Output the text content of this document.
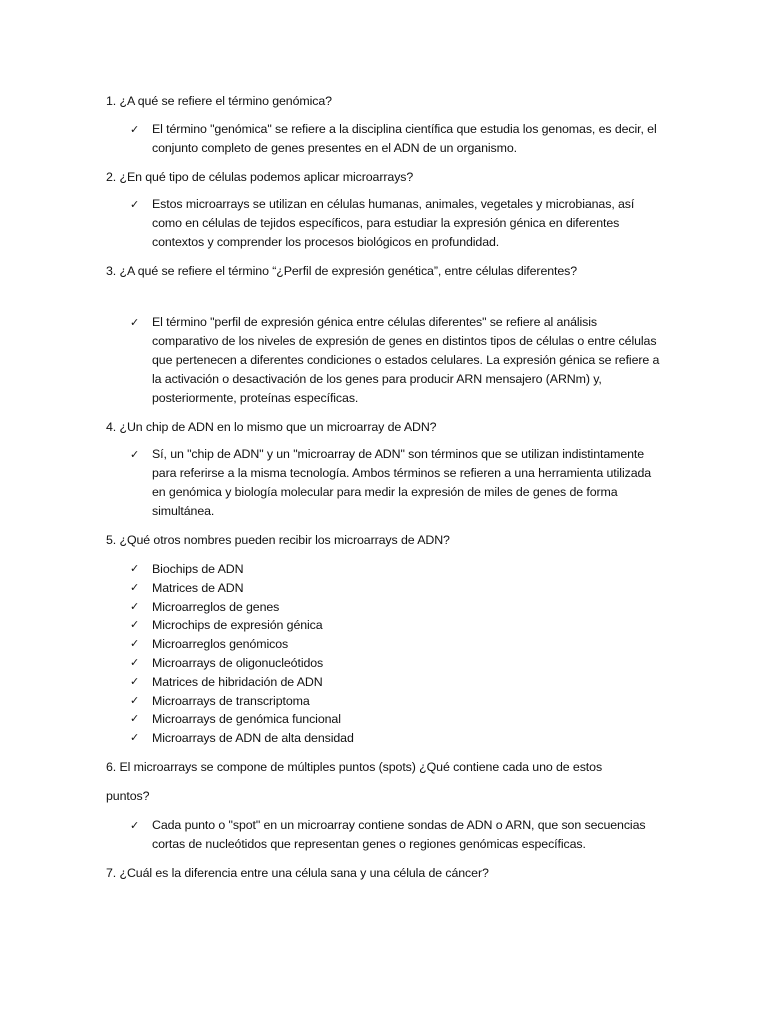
1. ¿A qué se refiere el término genómica?

✓ El término "genómica" se refiere a la disciplina científica que estudia los genomas, es decir, el conjunto completo de genes presentes en el ADN de un organismo.

2. ¿En qué tipo de células podemos aplicar microarrays?

✓ Estos microarrays se utilizan en células humanas, animales, vegetales y microbianas, así como en células de tejidos específicos, para estudiar la expresión génica en diferentes contextos y comprender los procesos biológicos en profundidad.

3. ¿A qué se refiere el término “¿Perfil de expresión genética”, entre células diferentes?

✓ El término "perfil de expresión génica entre células diferentes" se refiere al análisis comparativo de los niveles de expresión de genes en distintos tipos de células o entre células que pertenecen a diferentes condiciones o estados celulares. La expresión génica se refiere a la activación o desactivación de los genes para producir ARN mensajero (ARNm) y, posteriormente, proteínas específicas.

4. ¿Un chip de ADN en lo mismo que un microarray de ADN?

✓ Sí, un "chip de ADN" y un "microarray de ADN" son términos que se utilizan indistintamente para referirse a la misma tecnología. Ambos términos se refieren a una herramienta utilizada en genómica y biología molecular para medir la expresión de miles de genes de forma simultánea.

5. ¿Qué otros nombres pueden recibir los microarrays de ADN?

✓ Biochips de ADN
✓ Matrices de ADN
✓ Microarreglos de genes
✓ Microchips de expresión génica
✓ Microarreglos genómicos
✓ Microarrays de oligonucleótidos
✓ Matrices de hibridación de ADN
✓ Microarrays de transcriptoma
✓ Microarrays de genómica funcional
✓ Microarrays de ADN de alta densidad

6. El microarrays se compone de múltiples puntos (spots) ¿Qué contiene cada uno de estos

puntos?

✓ Cada punto o "spot" en un microarray contiene sondas de ADN o ARN, que son secuencias cortas de nucleótidos que representan genes o regiones genómicas específicas.

7. ¿Cuál es la diferencia entre una célula sana y una célula de cáncer?
